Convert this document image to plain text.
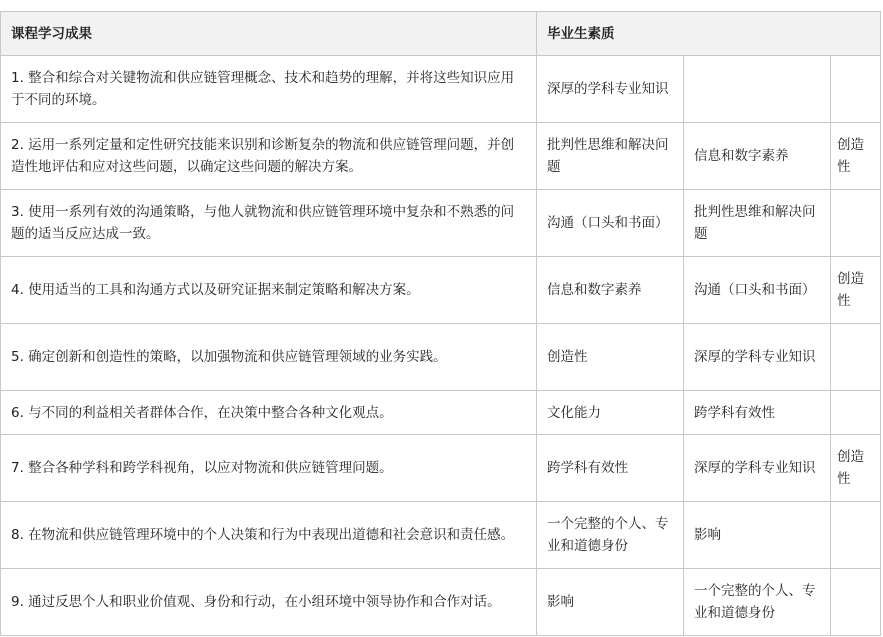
课程学习成果	毕业生素质		
1. 整合和综合对关键物流和供应链管理概念、技术和趋势的理解，并将这些知识应用于不同的环境。	深厚的学科专业知识		
2. 运用一系列定量和定性研究技能来识别和诊断复杂的物流和供应链管理问题，并创造性地评估和应对这些问题，以确定这些问题的解决方案。	批判性思维和解决问题	信息和数字素养	创造性
3. 使用一系列有效的沟通策略，与他人就物流和供应链管理环境中复杂和不熟悉的问题的适当反应达成一致。	沟通（口头和书面）	批判性思维和解决问题	
4. 使用适当的工具和沟通方式以及研究证据来制定策略和解决方案。	信息和数字素养	沟通（口头和书面）	创造性
5. 确定创新和创造性的策略，以加强物流和供应链管理领域的业务实践。	创造性	深厚的学科专业知识	
6. 与不同的利益相关者群体合作，在决策中整合各种文化观点。	文化能力	跨学科有效性	
7. 整合各种学科和跨学科视角，以应对物流和供应链管理问题。	跨学科有效性	深厚的学科专业知识	创造性
8. 在物流和供应链管理环境中的个人决策和行为中表现出道德和社会意识和责任感。	一个完整的个人、专业和道德身份	影响	
9. 通过反思个人和职业价值观、身份和行动，在小组环境中领导协作和合作对话。	影响	一个完整的个人、专业和道德身份	
